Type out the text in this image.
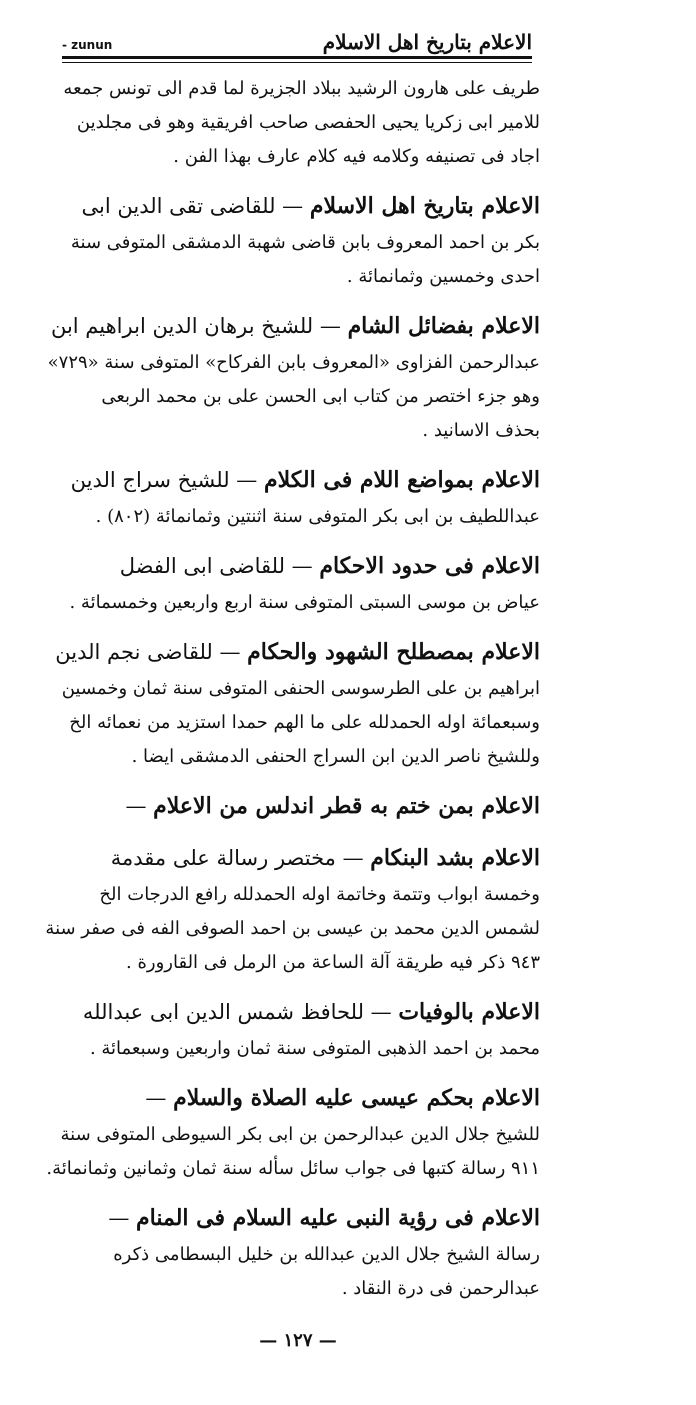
- zunun	الاعلام بتاريخ اهل الاسلام
طريف على هارون الرشيد ببلاد الجزيرة لما قدم الى تونس جمعه
للامير ابى زكريا يحيى الحفصى صاحب افريقية وهو فى مجلدين
اجاد فى تصنيفه وكلامه فيه كلام عارف بهذا الفن .
الاعلام بتاريخ اهل الاسلام — للقاضى تقى الدين ابى
بكر بن احمد المعروف بابن قاضى شهبة الدمشقى المتوفى سنة
احدى وخمسين وثمانمائة .
الاعلام بفضائل الشام — للشيخ برهان الدين ابراهيم ابن
عبدالرحمن الفزاوى «المعروف بابن الفركاح» المتوفى سنة «٧٢٩»
وهو جزء اختصر من كتاب ابى الحسن على بن محمد الربعى
بحذف الاسانيد .
الاعلام بمواضع اللام فى الكلام — للشيخ سراج الدين
عبداللطيف بن ابى بكر المتوفى سنة اثنتين وثمانمائة (٨٠٢) .
الاعلام فى حدود الاحكام — للقاضى ابى الفضل
عياض بن موسى السبتى المتوفى سنة اربع واربعين وخمسمائة .
الاعلام بمصطلح الشهود والحكام — للقاضى نجم الدين
ابراهيم بن على الطرسوسى الحنفى المتوفى سنة ثمان وخمسين
وسبعمائة اوله الحمدلله على ما الهم حمدا استزيد من نعمائه الخ
وللشيخ ناصر الدين ابن السراج الحنفى الدمشقى ايضا .
الاعلام بمن ختم به قطر اندلس من الاعلام —
الاعلام بشد البنكام — مختصر رسالة على مقدمة
وخمسة ابواب وتتمة وخاتمة اوله الحمدلله رافع الدرجات الخ
لشمس الدين محمد بن عيسى بن احمد الصوفى الفه فى صفر سنة
٩٤٣ ذكر فيه طريقة آلة الساعة من الرمل فى القارورة .
الاعلام بالوفيات — للحافظ شمس الدين ابى عبدالله
محمد بن احمد الذهبى المتوفى سنة ثمان واربعين وسبعمائة .
الاعلام بحكم عيسى عليه الصلاة والسلام —
للشيخ جلال الدين عبدالرحمن بن ابى بكر السيوطى المتوفى سنة
٩١١ رسالة كتبها فى جواب سائل سأله سنة ثمان وثمانين وثمانمائة.
الاعلام فى رؤية النبى عليه السلام فى المنام —
رسالة الشيخ جلال الدين عبدالله بن خليل البسطامى ذكره
عبدالرحمن فى درة النقاد .
— ١٢٧ —
